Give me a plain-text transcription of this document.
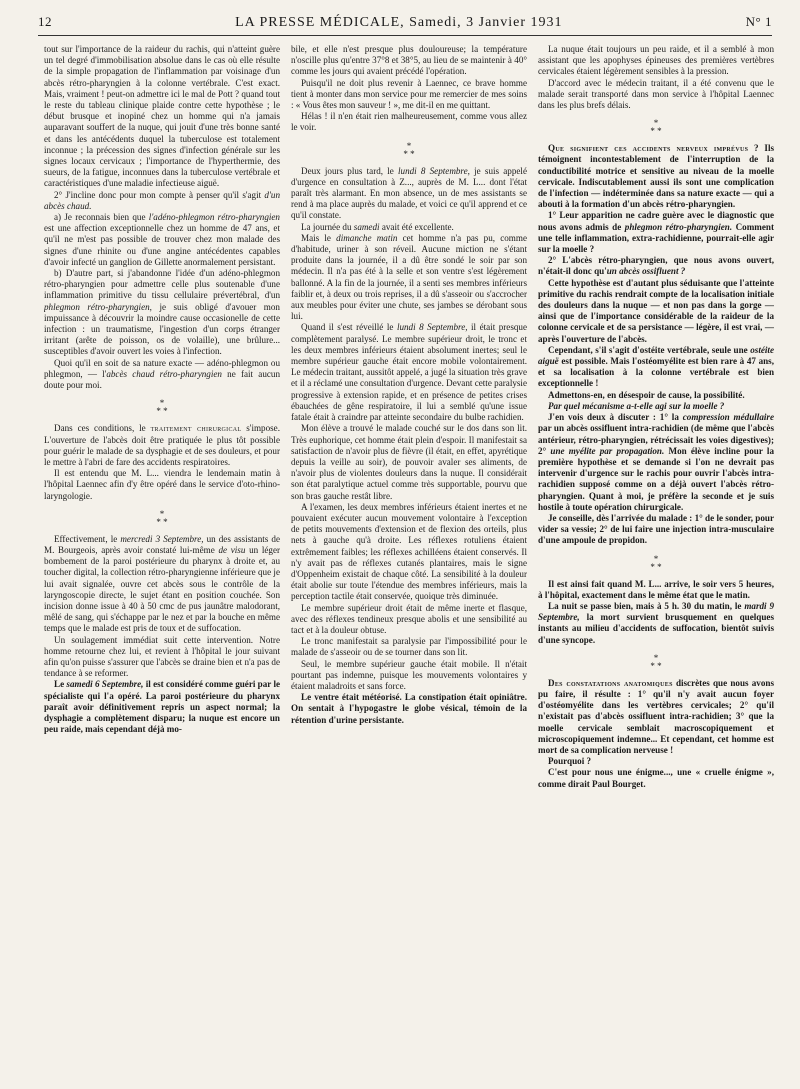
12	LA PRESSE MÉDICALE, Samedi, 3 Janvier 1931	N° 1

tout sur l'importance de la raideur du rachis, qui n'atteint guère un tel degré d'immobilisation absolue dans le cas où elle résulte de la simple propagation de l'inflammation par voisinage d'un abcès rétro-pharyngien à la colonne vertébrale. C'est exact. Mais, vraiment ! peut-on admettre ici le mal de Pott ? quand tout le reste du tableau clinique plaide contre cette hypothèse ; le début brusque et inopiné chez un homme qui n'a jamais auparavant souffert de la nuque, qui jouit d'une très bonne santé et dans les antécédents duquel la tuberculose est totalement inconnue ; la précession des signes d'infection générale sur les signes locaux cervicaux ; l'importance de l'hyperthermie, des sueurs, de la fatigue, inconnues dans la tuberculose vertébrale et caractéristiques d'une maladie infectieuse aiguë.

2° J'incline donc pour mon compte à penser qu'il s'agit d'un abcès chaud.

a) Je reconnais bien que l'adéno-phlegmon rétro-pharyngien est une affection exceptionnelle chez un homme de 47 ans, et qu'il ne m'est pas possible de trouver chez mon malade des signes d'une rhinite ou d'une angine antécédentes capables d'avoir infecté un ganglion de Gillette anormalement persistant.

b) D'autre part, si j'abandonne l'idée d'un adéno-phlegmon rétro-pharyngien pour admettre celle plus soutenable d'une inflammation primitive du tissu cellulaire prévertébral, d'un phlegmon rétro-pharyngien, je suis obligé d'avouer mon impuissance à découvrir la moindre cause occasionelle de cette infection : un traumatisme, l'ingestion d'un corps étranger irritant (arête de poisson, os de volaille), une brûlure... susceptibles d'avoir ouvert les voies à l'infection.

Quoi qu'il en soit de sa nature exacte — adéno-phlegmon ou phlegmon, — l'abcès chaud rétro-pharyngien ne fait aucun doute pour moi.

*
* *

Dans ces conditions, le traitement chirurgical s'impose. L'ouverture de l'abcès doit être pratiquée le plus tôt possible pour guérir le malade de sa dysphagie et de ses douleurs, et pour le mettre à l'abri de fare des accidents respiratoires.

Il est entendu que M. L... viendra le lendemain matin à l'hôpital Laennec afin d'y être opéré dans le service d'oto-rhino-laryngologie.

*
* *

Effectivement, le mercredi 3 Septembre, un des assistants de M. Bourgeois, après avoir constaté lui-même de visu un léger bombement de la paroi postérieure du pharynx à droite et, au toucher digital, la collection rétro-pharyngienne inférieure que je lui avait signalée, ouvre cet abcès sous le contrôle de la laryngoscopie directe, le sujet étant en position couchée. Son incision donne issue à 40 à 50 cmc de pus jaunâtre malodorant, mêlé de sang, qui s'échappe par le nez et par la bouche en même temps que le malade est pris de toux et de suffocation.

Un soulagement immédiat suit cette intervention. Notre homme retourne chez lui, et revient à l'hôpital le jour suivant afin qu'on puisse s'assurer que l'abcès se draine bien et n'a pas de tendance à se reformer.

Le samedi 6 Septembre, il est considéré comme guéri par le spécialiste qui l'a opéré. La paroi postérieure du pharynx paraît avoir définitivement repris un aspect normal; la dysphagie a complètement disparu; la nuque est encore un peu raide, mais cependant déjà mo-

bile, et elle n'est presque plus douloureuse; la température n'oscille plus qu'entre 37°8 et 38°5, au lieu de se maintenir à 40° comme les jours qui avaient précédé l'opération.

Puisqu'il ne doit plus revenir à Laennec, ce brave homme tient à monter dans mon service pour me remercier de mes soins : « Vous êtes mon sauveur ! », me dit-il en me quittant.

Hélas ! il n'en était rien malheureusement, comme vous allez le voir.

*
* *

Deux jours plus tard, le lundi 8 Septembre, je suis appelé d'urgence en consultation à Z..., auprès de M. L... dont l'état paraît très alarmant. En mon absence, un de mes assistants se rend à ma place auprès du malade, et voici ce qu'il apprend et ce qu'il constate.

La journée du samedi avait été excellente.

Mais le dimanche matin cet homme n'a pas pu, comme d'habitude, uriner à son réveil. Aucune miction ne s'étant produite dans la journée, il a dû être sondé le soir par son médecin. Il n'a pas été à la selle et son ventre s'est légèrement ballonné. A la fin de la journée, il a senti ses membres inférieurs faiblir et, à deux ou trois reprises, il a dû s'asseoir ou s'accrocher aux meubles pour éviter une chute, ses jambes se dérobant sous lui.

Quand il s'est réveillé le lundi 8 Septembre, il était presque complètement paralysé. Le membre supérieur droit, le tronc et les deux membres inférieurs étaient absolument inertes; seul le membre supérieur gauche était encore mobile volontairement. Le médecin traitant, aussitôt appelé, a jugé la situation très grave et il a réclamé une consultation d'urgence. Devant cette paralysie progressive à extension rapide, et en présence de petites crises ébauchées de gêne respiratoire, il lui a semblé qu'une issue fatale était à craindre par atteinte secondaire du bulbe rachidien.

Mon élève a trouvé le malade couché sur le dos dans son lit. Très euphorique, cet homme était plein d'espoir. Il manifestait sa satisfaction de n'avoir plus de fièvre (il était, en effet, apyrétique depuis la veille au soir), de pouvoir avaler ses aliments, de n'avoir plus de violentes douleurs dans la nuque. Il considérait son état paralytique actuel comme très supportable, pourvu que son bras gauche restât libre.

A l'examen, les deux membres inférieurs étaient inertes et ne pouvaient exécuter aucun mouvement volontaire à l'exception de petits mouvements d'extension et de flexion des orteils, plus nets à gauche qu'à droite. Les réflexes rotuliens étaient extrêmement faibles; les réflexes achilléens étaient conservés. Il n'y avait pas de réflexes cutanés plantaires, mais le signe d'Oppenheim existait de chaque côté. La sensibilité à la douleur était abolie sur toute l'étendue des membres inférieurs, mais la perception tactile était conservée, quoique très diminuée.

Le membre supérieur droit était de même inerte et flasque, avec des réflexes tendineux presque abolis et une sensibilité au tact et à la douleur obtuse.

Le tronc manifestait sa paralysie par l'impossibilité pour le malade de s'asseoir ou de se tourner dans son lit.

Seul, le membre supérieur gauche était mobile. Il n'était pourtant pas indemne, puisque les mouvements volontaires y étaient maladroits et sans force.

Le ventre était météorisé. La constipation était opiniâtre. On sentait à l'hypogastre le globe vésical, témoin de la rétention d'urine persistante.

La nuque était toujours un peu raide, et il a semblé à mon assistant que les apophyses épineuses des premières vertèbres cervicales étaient légèrement sensibles à la pression.

D'accord avec le médecin traitant, il a été convenu que le malade serait transporté dans mon service à l'hôpital Laennec dans les plus brefs délais.

*
* *

Que signifient ces accidents nerveux imprévus ? Ils témoignent incontestablement de l'interruption de la conductibilité motrice et sensitive au niveau de la moelle cervicale. Indiscutablement aussi ils sont une complication de l'infection — indéterminée dans sa nature exacte — qui a abouti à la formation d'un abcès rétro-pharyngien.

1° Leur apparition ne cadre guère avec le diagnostic que nous avons admis de phlegmon rétro-pharyngien. Comment une telle inflammation, extra-rachidienne, pourrait-elle agir sur la moelle ?

2° L'abcès rétro-pharyngien, que nous avons ouvert, n'était-il donc qu'un abcès ossifluent ?

Cette hypothèse est d'autant plus séduisante que l'atteinte primitive du rachis rendrait compte de la localisation initiale des douleurs dans la nuque — et non pas dans la gorge — ainsi que de l'importance considérable de la raideur de la colonne cervicale et de sa persistance — légère, il est vrai, — après l'ouverture de l'abcès.

Cependant, s'il s'agit d'ostéite vertébrale, seule une ostéite aiguë est possible. Mais l'ostéomyélite est bien rare à 47 ans, et sa localisation à la colonne vertébrale est bien exceptionnelle !

Admettons-en, en désespoir de cause, la possibilité.

Par quel mécanisme a-t-elle agi sur la moelle ?

J'en vois deux à discuter : 1° la compression médullaire par un abcès ossifluent intra-rachidien (de même que l'abcès antérieur, rétro-pharyngien, rétrécissait les voies digestives); 2° une myélite par propagation. Mon élève incline pour la première hypothèse et se demande si l'on ne devrait pas intervenir d'urgence sur le rachis pour ouvrir l'abcès intra-rachidien supposé comme on a déjà ouvert l'abcès rétro-pharyngien. Quant à moi, je préfère la seconde et je suis hostile à toute opération chirurgicale.

Je conseille, dès l'arrivée du malade : 1° de le sonder, pour vider sa vessie; 2° de lui faire une injection intra-musculaire d'une ampoule de propidon.

*
* *

Il est ainsi fait quand M. L... arrive, le soir vers 5 heures, à l'hôpital, exactement dans le même état que le matin.

La nuit se passe bien, mais à 5 h. 30 du matin, le mardi 9 Septembre, la mort survient brusquement en quelques instants au milieu d'accidents de suffocation, bientôt suivis d'une syncope.

*
* *

Des constatations anatomiques discrètes que nous avons pu faire, il résulte : 1° qu'il n'y avait aucun foyer d'ostéomyélite dans les vertèbres cervicales; 2° qu'il n'existait pas d'abcès ossifluent intra-rachidien; 3° que la moelle cervicale semblait macroscopiquement et microscopiquement indemne... Et cependant, cet homme est mort de sa complication nerveuse !

Pourquoi ?

C'est pour nous une énigme..., une « cruelle énigme », comme dirait Paul Bourget.
